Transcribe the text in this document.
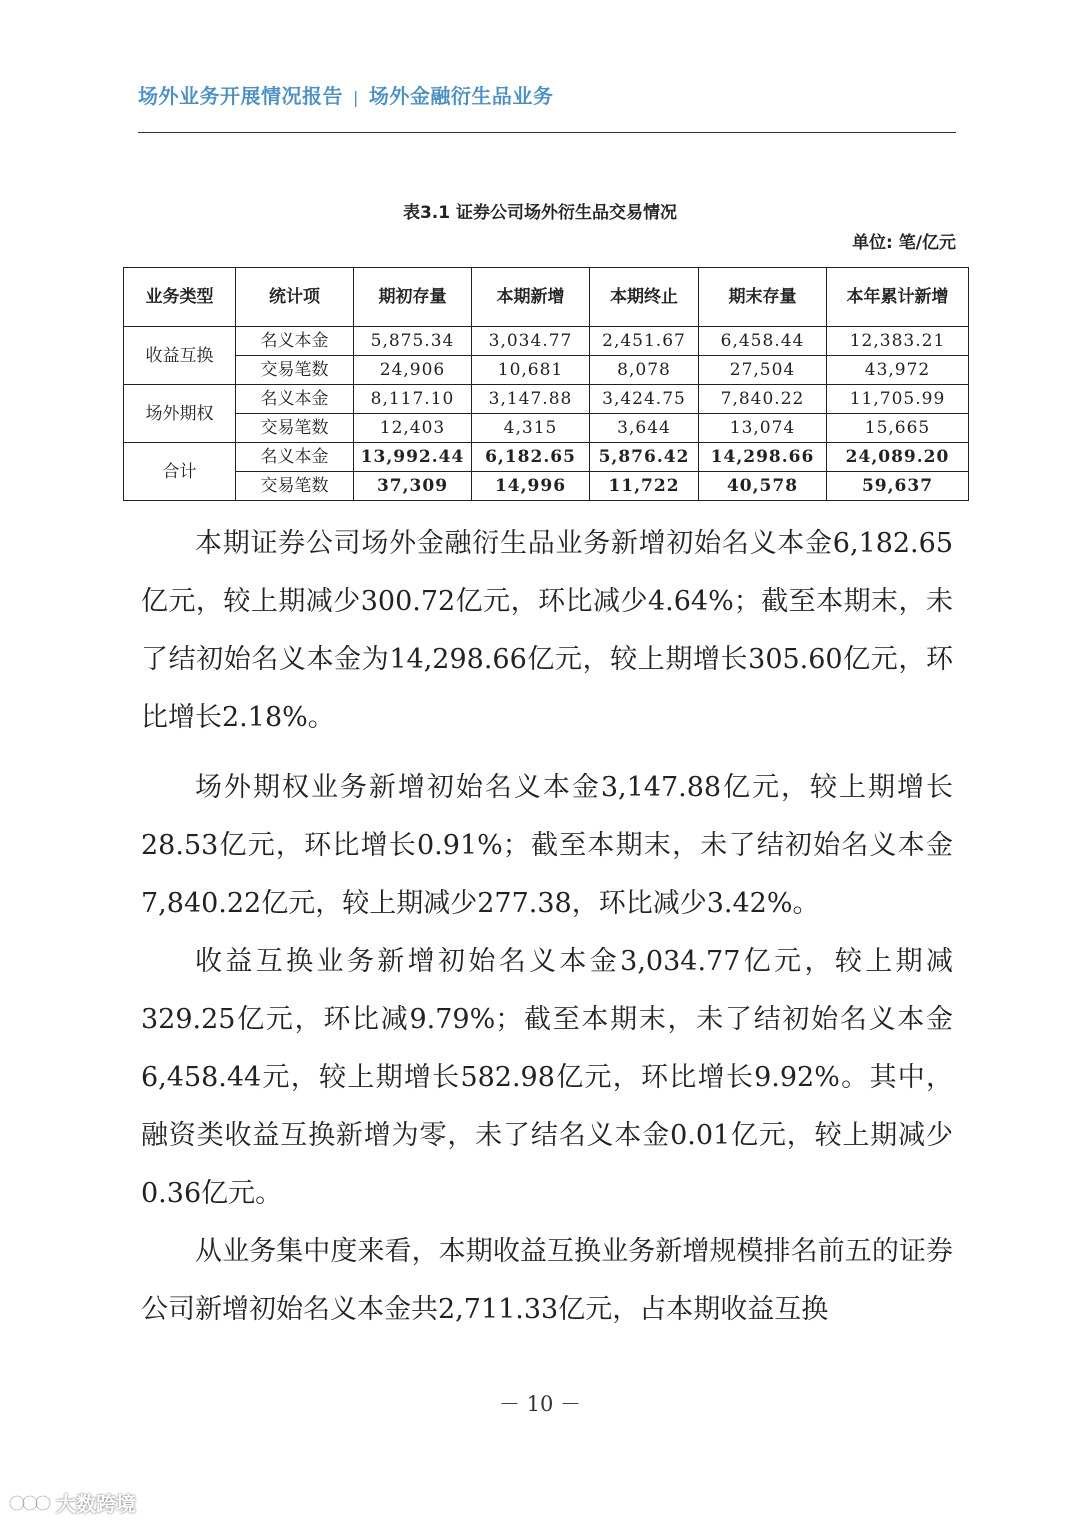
场外业务开展情况报告 | 场外金融衍生品业务
表3.1 证券公司场外衍生品交易情况
单位: 笔/亿元
业务类型	统计项	期初存量	本期新增	本期终止	期末存量	本年累计新增
收益互换	名义本金	5,875.34	3,034.77	2,451.67	6,458.44	12,383.21
	交易笔数	24,906	10,681	8,078	27,504	43,972
场外期权	名义本金	8,117.10	3,147.88	3,424.75	7,840.22	11,705.99
	交易笔数	12,403	4,315	3,644	13,074	15,665
合计	名义本金	13,992.44	6,182.65	5,876.42	14,298.66	24,089.20
	交易笔数	37,309	14,996	11,722	40,578	59,637

本期证券公司场外金融衍生品业务新增初始名义本金6,182.65亿元，较上期减少300.72亿元，环比减少4.64%；截至本期末，未了结初始名义本金为14,298.66亿元，较上期增长305.60亿元，环比增长2.18%。

场外期权业务新增初始名义本金3,147.88亿元，较上期增长28.53亿元，环比增长0.91%；截至本期末，未了结初始名义本金7,840.22亿元，较上期减少277.38，环比减少3.42%。

收益互换业务新增初始名义本金3,034.77亿元，较上期减329.25亿元，环比减9.79%；截至本期末，未了结初始名义本金6,458.44元，较上期增长582.98亿元，环比增长9.92%。其中，融资类收益互换新增为零，未了结名义本金0.01亿元，较上期减少0.36亿元。

从业务集中度来看，本期收益互换业务新增规模排名前五的证券公司新增初始名义本金共2,711.33亿元，占本期收益互换

－ 10 －
大数跨境
